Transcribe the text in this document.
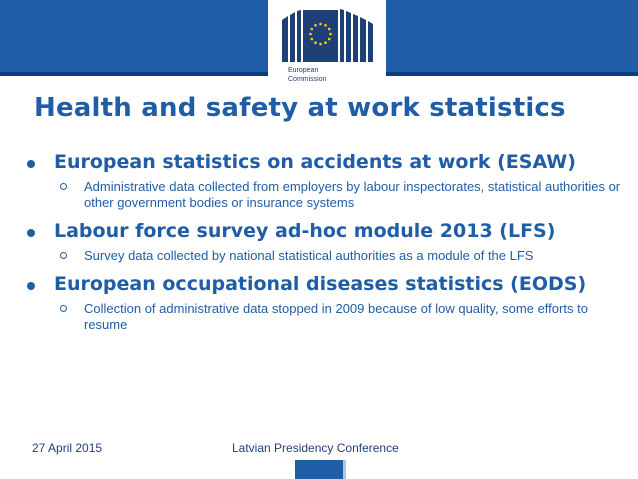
European
Commission
Health and safety at work statistics
European statistics on accidents at work (ESAW)
Administrative data collected from employers by labour inspectorates, statistical authorities or other government bodies or insurance systems
Labour force survey ad-hoc module 2013 (LFS)
Survey data collected by national statistical authorities as a module of the LFS
European occupational diseases statistics (EODS)
Collection of administrative data stopped in 2009 because of low quality, some efforts to resume
27 April 2015	Latvian Presidency Conference
